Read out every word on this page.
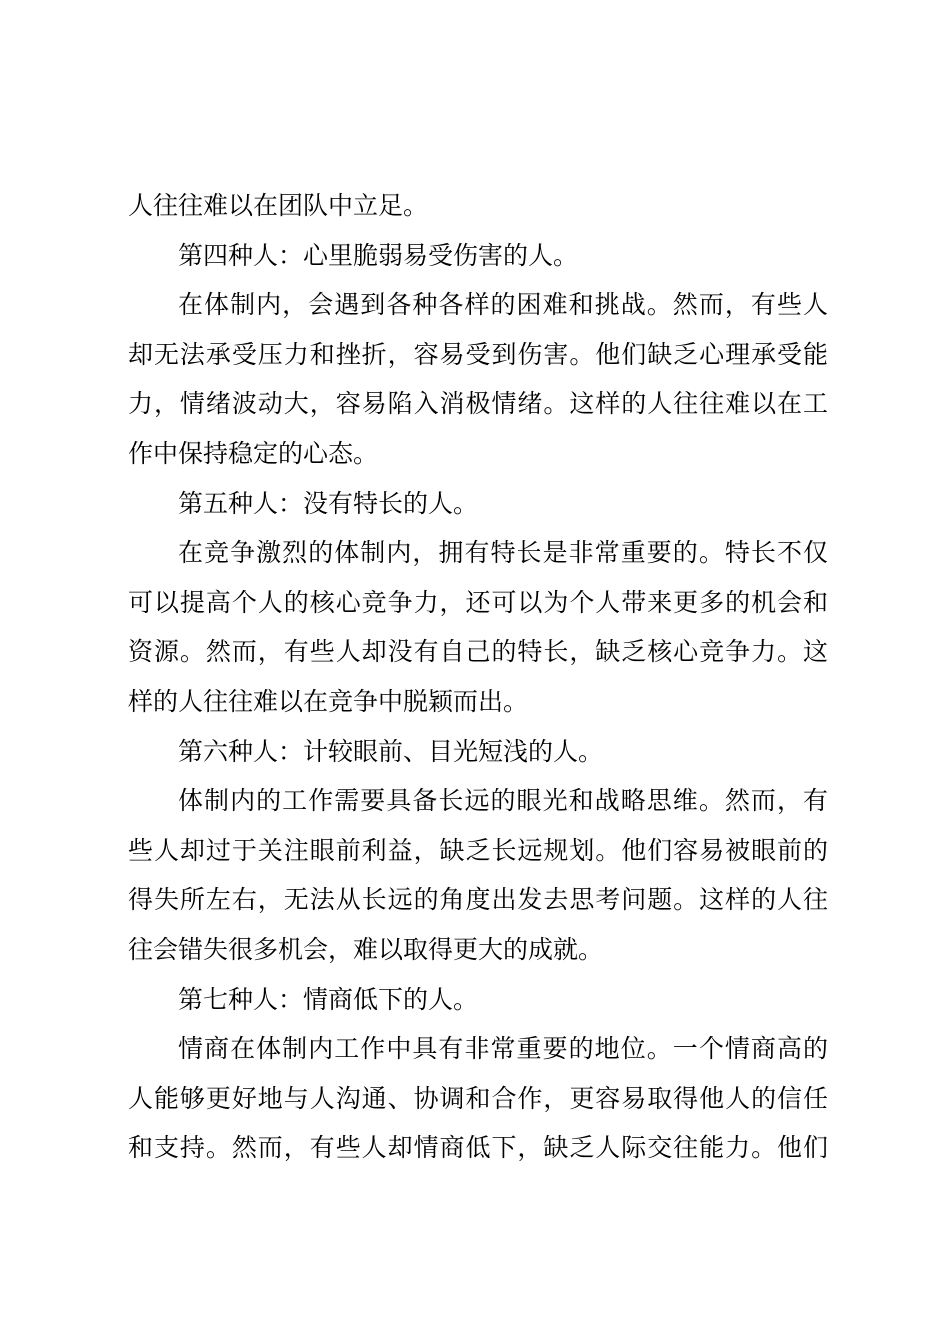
人往往难以在团队中立足。
第四种人：心里脆弱易受伤害的人。
在体制内，会遇到各种各样的困难和挑战。然而，有些人
却无法承受压力和挫折，容易受到伤害。他们缺乏心理承受能
力，情绪波动大，容易陷入消极情绪。这样的人往往难以在工
作中保持稳定的心态。
第五种人：没有特长的人。
在竞争激烈的体制内，拥有特长是非常重要的。特长不仅
可以提高个人的核心竞争力，还可以为个人带来更多的机会和
资源。然而，有些人却没有自己的特长，缺乏核心竞争力。这
样的人往往难以在竞争中脱颖而出。
第六种人：计较眼前、目光短浅的人。
体制内的工作需要具备长远的眼光和战略思维。然而，有
些人却过于关注眼前利益，缺乏长远规划。他们容易被眼前的
得失所左右，无法从长远的角度出发去思考问题。这样的人往
往会错失很多机会，难以取得更大的成就。
第七种人：情商低下的人。
情商在体制内工作中具有非常重要的地位。一个情商高的
人能够更好地与人沟通、协调和合作，更容易取得他人的信任
和支持。然而，有些人却情商低下，缺乏人际交往能力。他们
